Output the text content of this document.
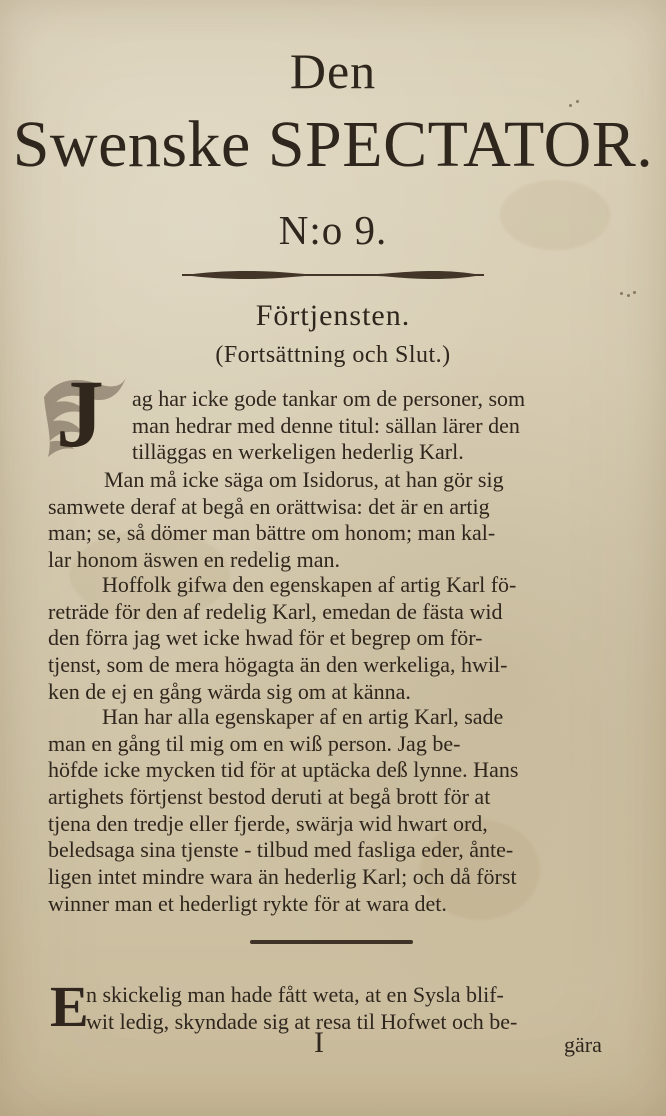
Den
Swenske SPECTATOR.
N:o 9.
Förtjensten.
(Fortsättning och Slut.)
J	ag har icke gode tankar om de personer, som
man hedrar med denne titul: sällan lärer den
tilläggas en werkeligen hederlig Karl.
Man må icke säga om Isidorus, at han gör sig
samwete deraf at begå en orättwisa: det är en artig
man; se, så dömer man bättre om honom; man kal-
lar honom äswen en redelig man.
Hoffolk gifwa den egenskapen af artig Karl fö-
reträde för den af redelig Karl, emedan de fästa wid
den förra jag wet icke hwad för et begrep om för-
tjenst, som de mera högagta än den werkeliga, hwil-
ken de ej en gång wärda sig om at känna.
Han har alla egenskaper af en artig Karl, sade
man en gång til mig om en wiß person. Jag be-
höfde icke mycken tid för at uptäcka deß lynne. Hans
artighets förtjenst bestod deruti at begå brott för at
tjena den tredje eller fjerde, swärja wid hwart ord,
beledsaga sina tjenste - tilbud med fasliga eder, ånte-
ligen intet mindre wara än hederlig Karl; och då först
winner man et hederligt rykte för at wara det.
E
n skickelig man hade fått weta, at en Sysla blif-
wit ledig, skyndade sig at resa til Hofwet och be-
I	gära
